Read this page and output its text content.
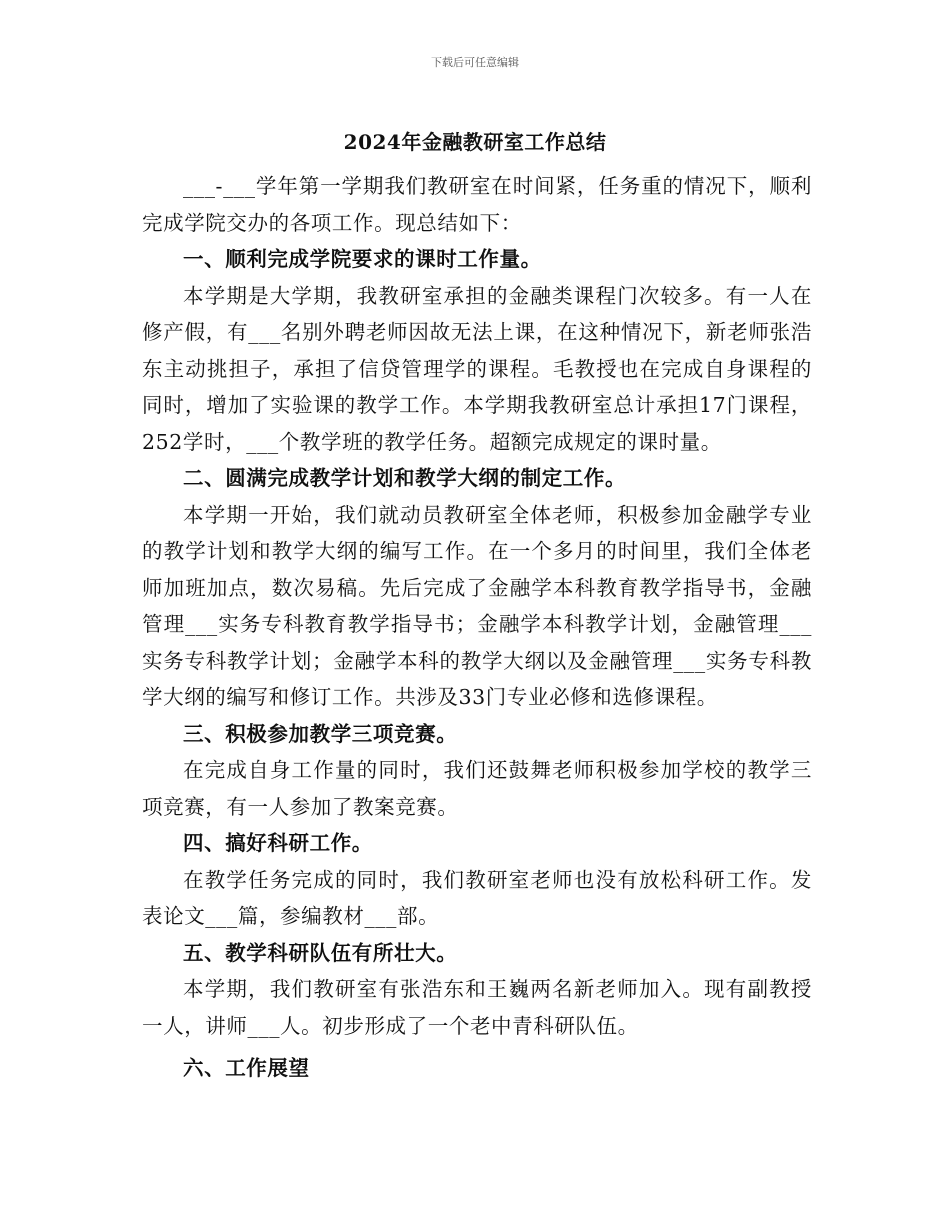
下载后可任意编辑
2024年金融教研室工作总结

___-___学年第一学期我们教研室在时间紧，任务重的情况下，顺利完成学院交办的各项工作。现总结如下：

一、顺利完成学院要求的课时工作量。

本学期是大学期，我教研室承担的金融类课程门次较多。有一人在修产假，有___名别外聘老师因故无法上课，在这种情况下，新老师张浩东主动挑担子，承担了信贷管理学的课程。毛教授也在完成自身课程的同时，增加了实验课的教学工作。本学期我教研室总计承担17门课程，252学时，___个教学班的教学任务。超额完成规定的课时量。

二、圆满完成教学计划和教学大纲的制定工作。

本学期一开始，我们就动员教研室全体老师，积极参加金融学专业的教学计划和教学大纲的编写工作。在一个多月的时间里，我们全体老师加班加点，数次易稿。先后完成了金融学本科教育教学指导书，金融管理___实务专科教育教学指导书；金融学本科教学计划，金融管理___实务专科教学计划；金融学本科的教学大纲以及金融管理___实务专科教学大纲的编写和修订工作。共涉及33门专业必修和选修课程。

三、积极参加教学三项竞赛。

在完成自身工作量的同时，我们还鼓舞老师积极参加学校的教学三项竞赛，有一人参加了教案竞赛。

四、搞好科研工作。

在教学任务完成的同时，我们教研室老师也没有放松科研工作。发表论文___篇，参编教材___部。

五、教学科研队伍有所壮大。

本学期，我们教研室有张浩东和王巍两名新老师加入。现有副教授一人，讲师___人。初步形成了一个老中青科研队伍。

六、工作展望
